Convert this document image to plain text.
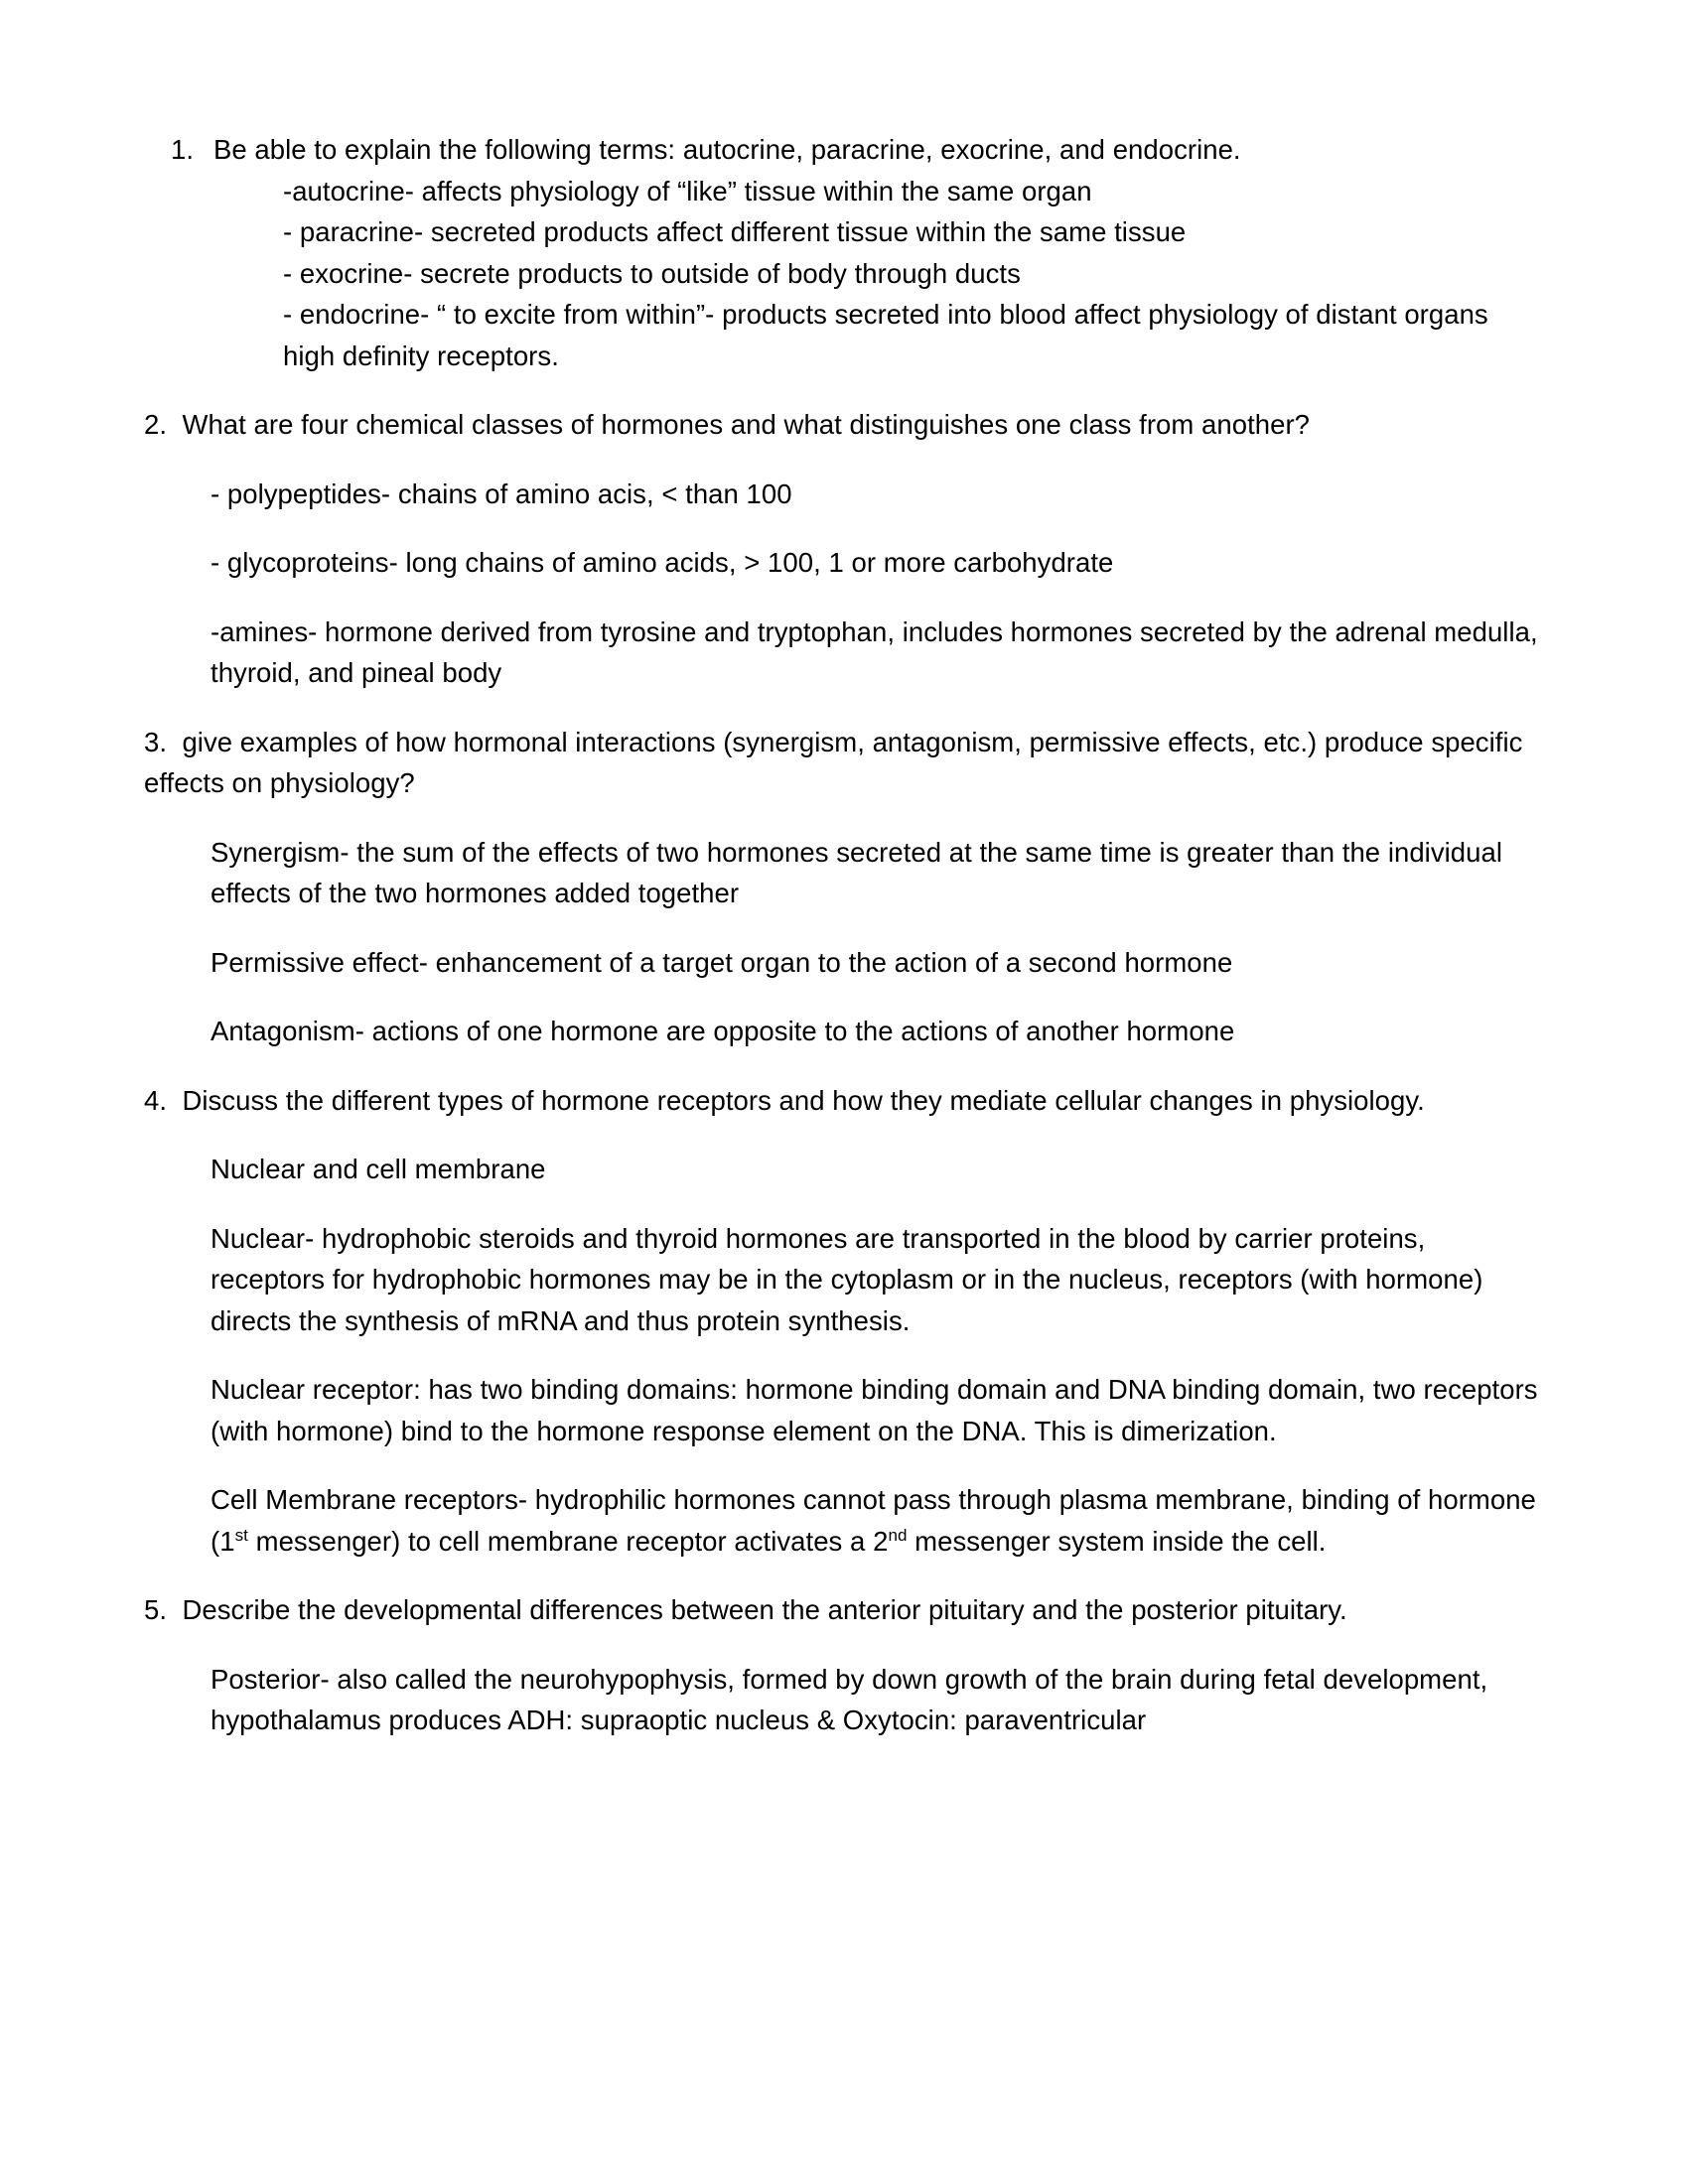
1. Be able to explain the following terms: autocrine, paracrine, exocrine, and endocrine.

-autocrine- affects physiology of “like” tissue within the same organ

- paracrine- secreted products affect different tissue within the same tissue

- exocrine- secrete products to outside of body through ducts

- endocrine- “ to excite from within”- products secreted into blood affect physiology of distant organs high definity receptors.

2. What are four chemical classes of hormones and what distinguishes one class from another?

- polypeptides- chains of amino acis, < than 100

- glycoproteins- long chains of amino acids, > 100, 1 or more carbohydrate

-amines- hormone derived from tyrosine and tryptophan, includes hormones secreted by the adrenal medulla, thyroid, and pineal body

3. give examples of how hormonal interactions (synergism, antagonism, permissive effects, etc.) produce specific effects on physiology?

Synergism- the sum of the effects of two hormones secreted at the same time is greater than the individual effects of the two hormones added together

Permissive effect- enhancement of a target organ to the action of a second hormone

Antagonism- actions of one hormone are opposite to the actions of another hormone

4. Discuss the different types of hormone receptors and how they mediate cellular changes in physiology.

Nuclear and cell membrane

Nuclear- hydrophobic steroids and thyroid hormones are transported in the blood by carrier proteins, receptors for hydrophobic hormones may be in the cytoplasm or in the nucleus, receptors (with hormone) directs the synthesis of mRNA and thus protein synthesis.

Nuclear receptor: has two binding domains: hormone binding domain and DNA binding domain, two receptors (with hormone) bind to the hormone response element on the DNA. This is dimerization.

Cell Membrane receptors- hydrophilic hormones cannot pass through plasma membrane, binding of hormone (1st messenger) to cell membrane receptor activates a 2nd messenger system inside the cell.

5. Describe the developmental differences between the anterior pituitary and the posterior pituitary.

Posterior- also called the neurohypophysis, formed by down growth of the brain during fetal development, hypothalamus produces ADH: supraoptic nucleus & Oxytocin: paraventricular
